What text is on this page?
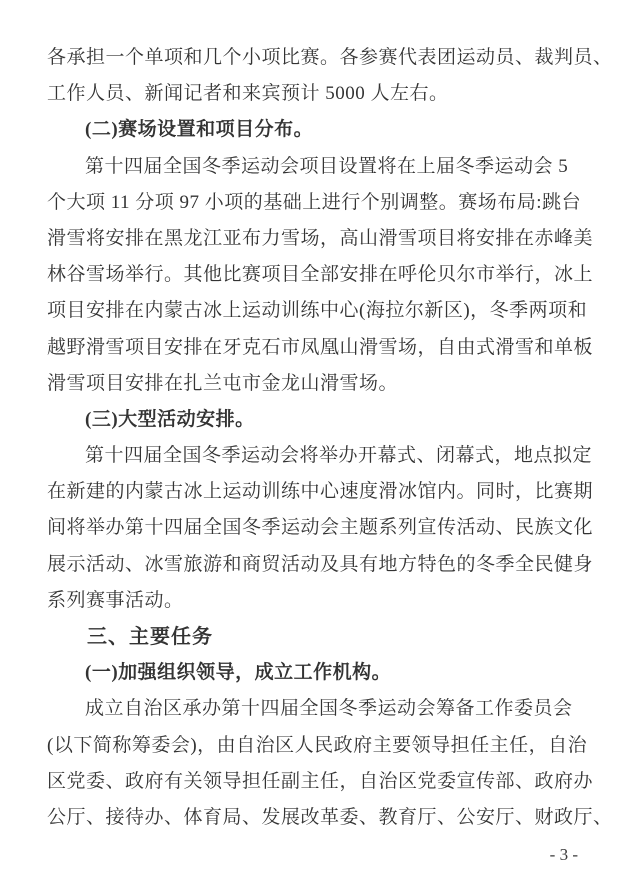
各承担一个单项和几个小项比赛。各参赛代表团运动员、裁判员、
工作人员、新闻记者和来宾预计 5000 人左右。
(二)赛场设置和项目分布。
第十四届全国冬季运动会项目设置将在上届冬季运动会 5
个大项 11 分项 97 小项的基础上进行个别调整。赛场布局:跳台
滑雪将安排在黑龙江亚布力雪场，高山滑雪项目将安排在赤峰美
林谷雪场举行。其他比赛项目全部安排在呼伦贝尔市举行，冰上
项目安排在内蒙古冰上运动训练中心(海拉尔新区)，冬季两项和
越野滑雪项目安排在牙克石市凤凰山滑雪场，自由式滑雪和单板
滑雪项目安排在扎兰屯市金龙山滑雪场。
(三)大型活动安排。
第十四届全国冬季运动会将举办开幕式、闭幕式，地点拟定
在新建的内蒙古冰上运动训练中心速度滑冰馆内。同时，比赛期
间将举办第十四届全国冬季运动会主题系列宣传活动、民族文化
展示活动、冰雪旅游和商贸活动及具有地方特色的冬季全民健身
系列赛事活动。
三、主要任务
(一)加强组织领导，成立工作机构。
成立自治区承办第十四届全国冬季运动会筹备工作委员会
(以下简称筹委会)，由自治区人民政府主要领导担任主任，自治
区党委、政府有关领导担任副主任，自治区党委宣传部、政府办
公厅、接待办、体育局、发展改革委、教育厅、公安厅、财政厅、
- 3 -
